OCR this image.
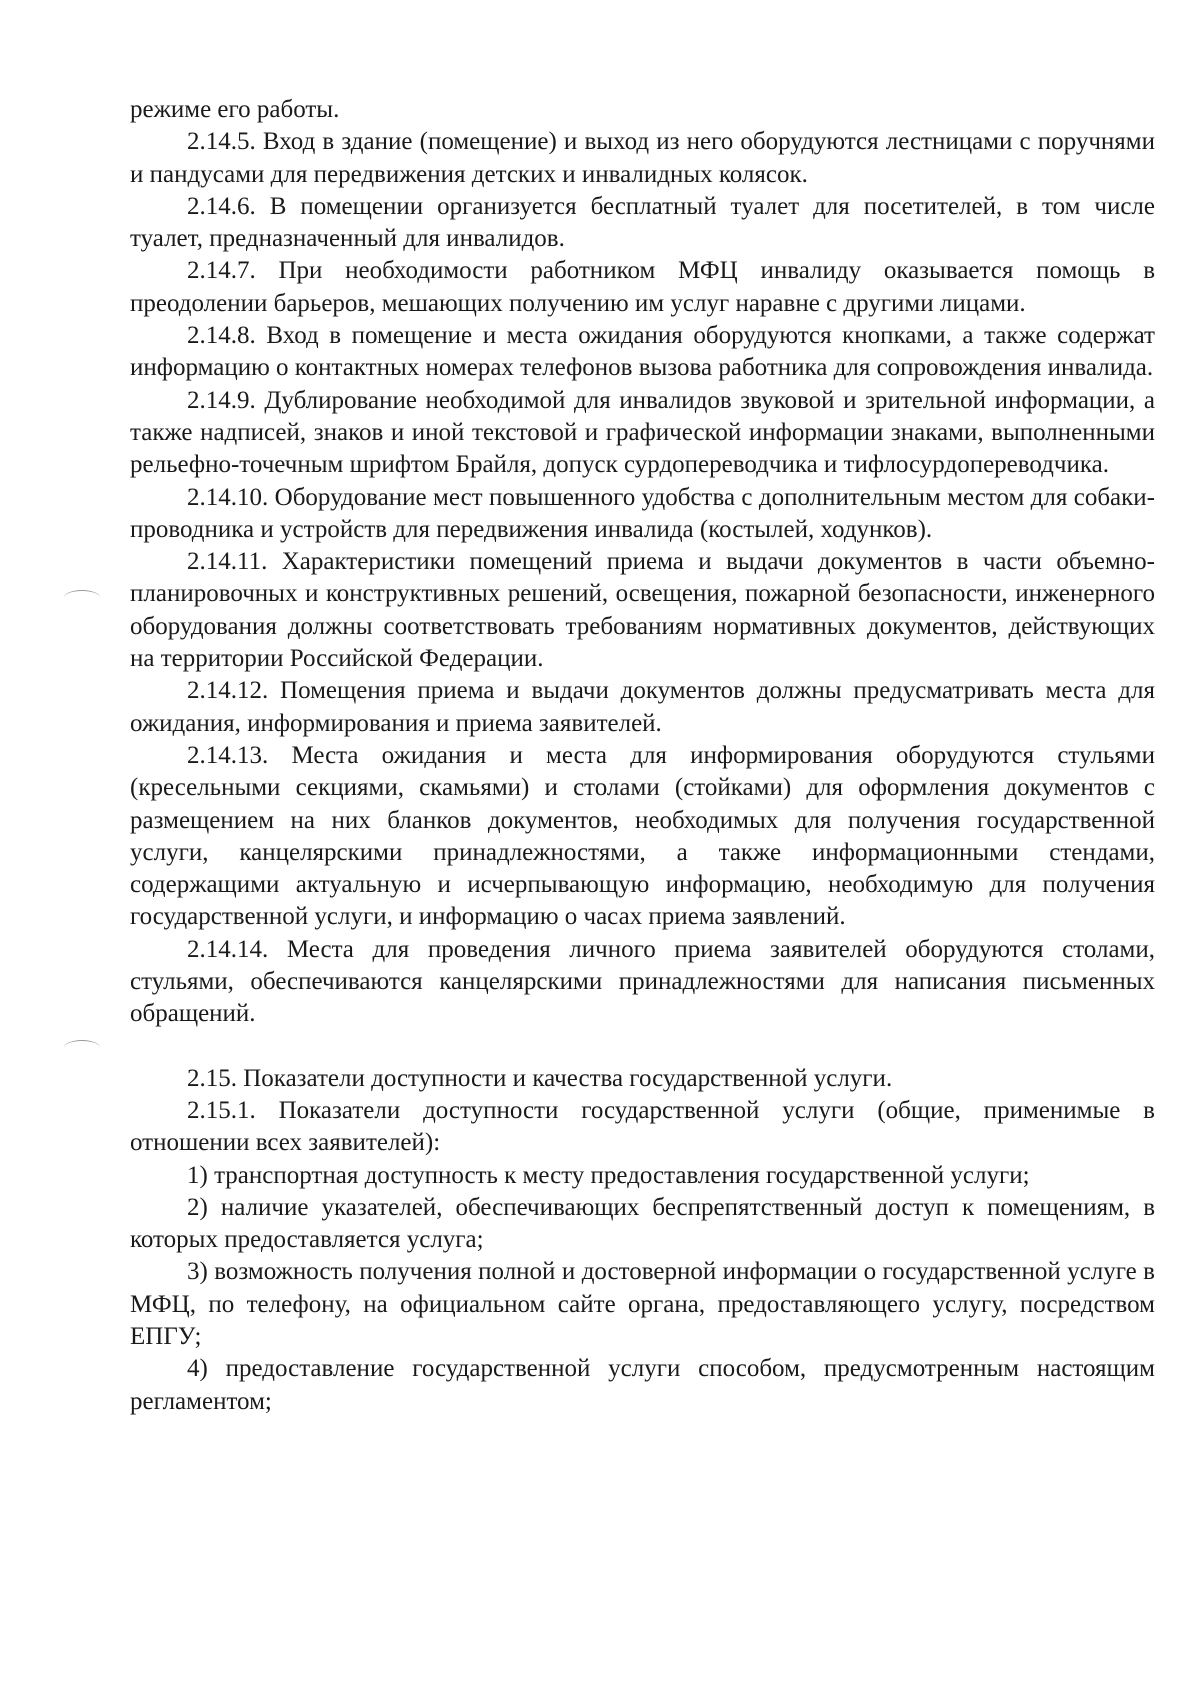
режиме его работы.

2.14.5. Вход в здание (помещение) и выход из него оборудуются лестницами с поручнями и пандусами для передвижения детских и инвалидных колясок.

2.14.6. В помещении организуется бесплатный туалет для посетителей, в том числе туалет, предназначенный для инвалидов.

2.14.7. При необходимости работником МФЦ инвалиду оказывается помощь в преодолении барьеров, мешающих получению им услуг наравне с другими лицами.

2.14.8. Вход в помещение и места ожидания оборудуются кнопками, а также содержат информацию о контактных номерах телефонов вызова работника для сопровождения инвалида.

2.14.9. Дублирование необходимой для инвалидов звуковой и зрительной информации, а также надписей, знаков и иной текстовой и графической информации знаками, выполненными рельефно-точечным шрифтом Брайля, допуск сурдопереводчика и тифлосурдопереводчика.

2.14.10. Оборудование мест повышенного удобства с дополнительным местом для собаки-проводника и устройств для передвижения инвалида (костылей, ходунков).

2.14.11. Характеристики помещений приема и выдачи документов в части объемно-планировочных и конструктивных решений, освещения, пожарной безопасности, инженерного оборудования должны соответствовать требованиям нормативных документов, действующих на территории Российской Федерации.

2.14.12. Помещения приема и выдачи документов должны предусматривать места для ожидания, информирования и приема заявителей.

2.14.13. Места ожидания и места для информирования оборудуются стульями (кресельными секциями, скамьями) и столами (стойками) для оформления документов с размещением на них бланков документов, необходимых для получения государственной услуги, канцелярскими принадлежностями, а также информационными стендами, содержащими актуальную и исчерпывающую информацию, необходимую для получения государственной услуги, и информацию о часах приема заявлений.

2.14.14. Места для проведения личного приема заявителей оборудуются столами, стульями, обеспечиваются канцелярскими принадлежностями для написания письменных обращений.

2.15. Показатели доступности и качества государственной услуги.

2.15.1. Показатели доступности государственной услуги (общие, применимые в отношении всех заявителей):

1) транспортная доступность к месту предоставления государственной услуги;

2) наличие указателей, обеспечивающих беспрепятственный доступ к помещениям, в которых предоставляется услуга;

3) возможность получения полной и достоверной информации о государственной услуге в МФЦ, по телефону, на официальном сайте органа, предоставляющего услугу, посредством ЕПГУ;

4) предоставление государственной услуги способом, предусмотренным настоящим регламентом;
